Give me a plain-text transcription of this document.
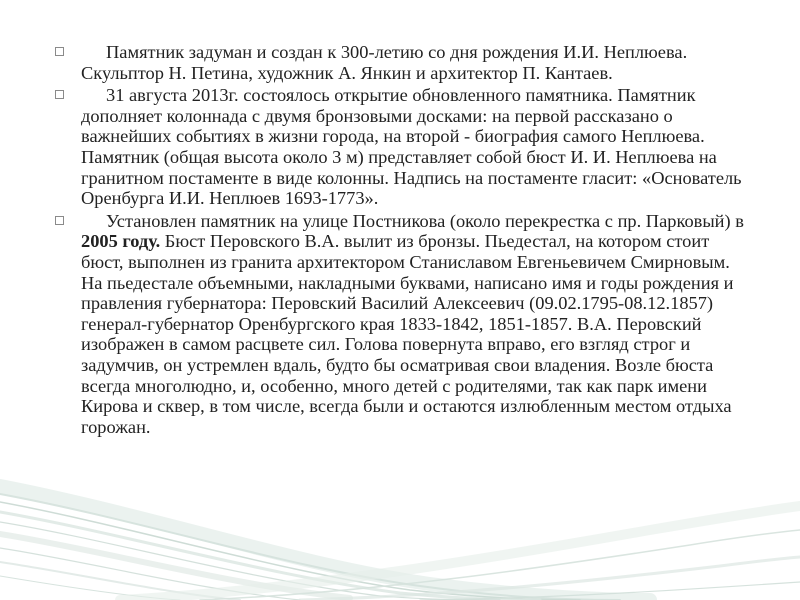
Памятник задуман и создан к 300-летию со дня рождения И.И. Неплюева. Скульптор Н. Петина, художник А. Янкин и архитектор П. Кантаев.

31 августа 2013г. состоялось открытие обновленного памятника. Памятник дополняет колоннада с двумя бронзовыми досками: на первой рассказано о важнейших событиях в жизни города, на второй - биография самого Неплюева. Памятник (общая высота около 3 м) представляет собой бюст И. И. Неплюева на гранитном постаменте в виде колонны. Надпись на постаменте гласит: «Основатель Оренбурга И.И. Неплюев 1693-1773».

Установлен памятник на улице Постникова (около перекрестка с пр. Парковый) в 2005 году. Бюст Перовского В.А. вылит из бронзы. Пьедестал, на котором стоит бюст, выполнен из гранита архитектором Станиславом Евгеньевичем Смирновым. На пьедестале объемными, накладными буквами, написано имя и годы рождения и правления губернатора: Перовский Василий Алексеевич (09.02.1795-08.12.1857) генерал-губернатор Оренбургского края 1833-1842, 1851-1857. В.А. Перовский изображен в самом расцвете сил. Голова повернута вправо, его взгляд строг и задумчив, он устремлен вдаль, будто бы осматривая свои владения. Возле бюста всегда многолюдно, и, особенно, много детей с родителями, так как парк имени Кирова и сквер, в том числе, всегда были и остаются излюбленным местом отдыха горожан.
